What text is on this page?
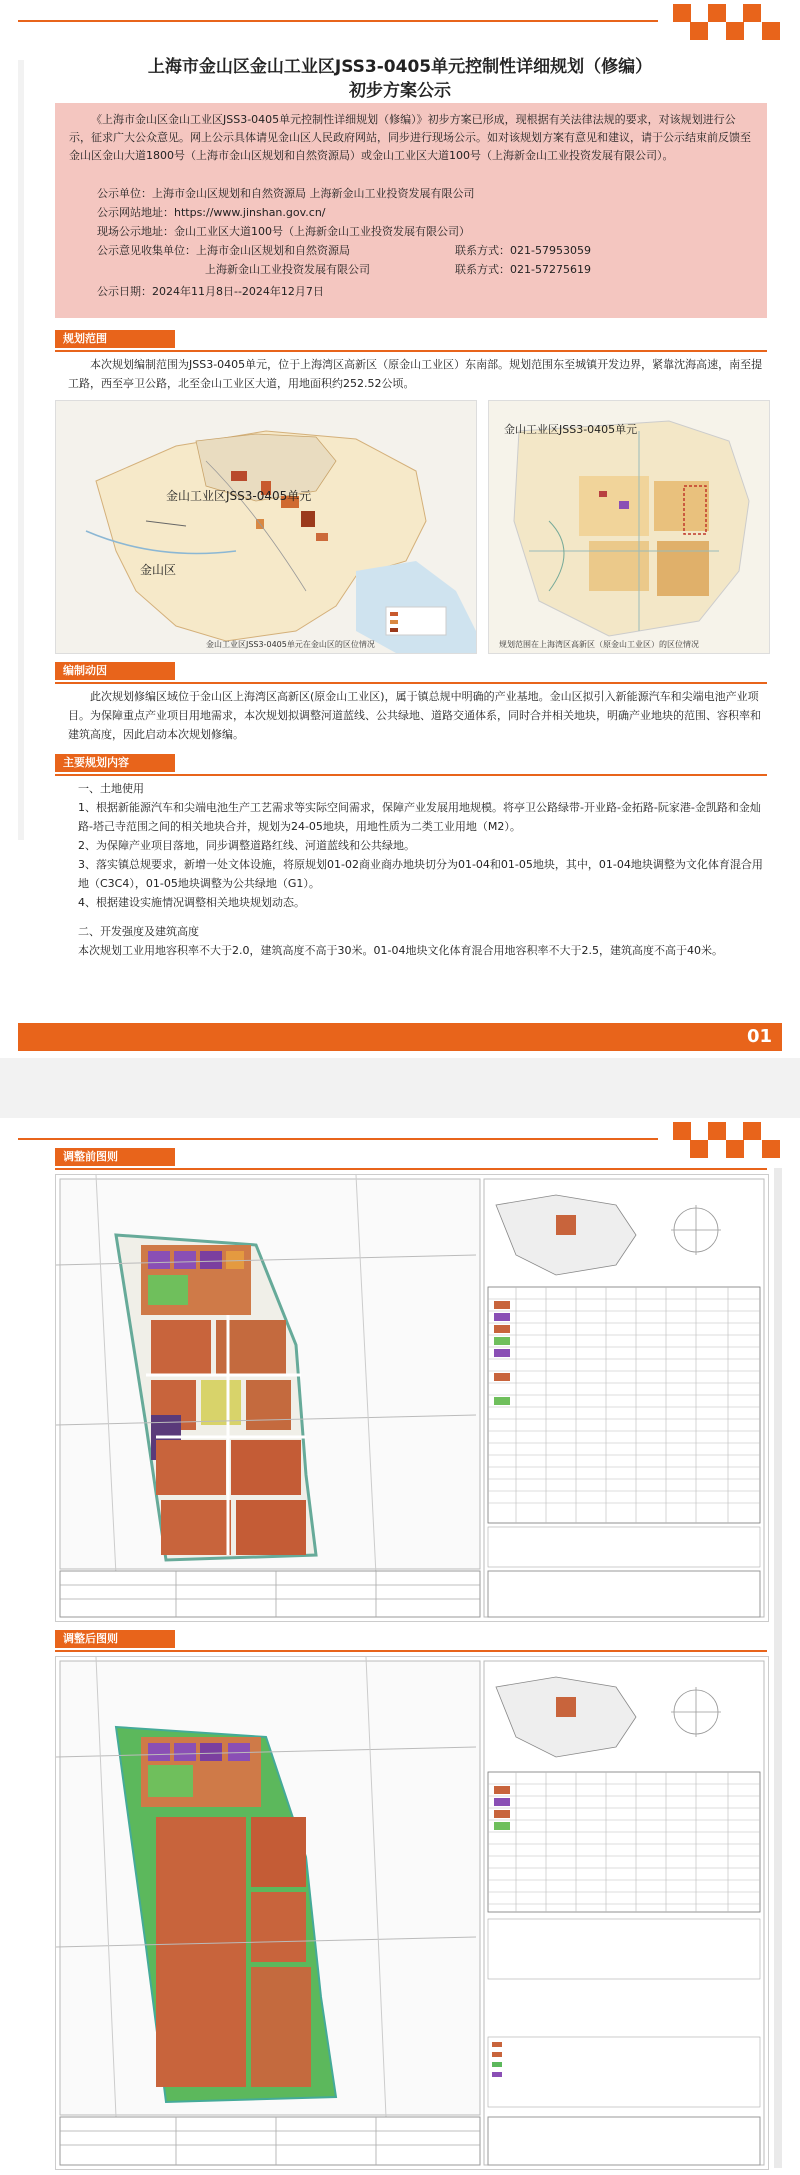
上海市金山区金山工业区JSS3-0405单元控制性详细规划（修编）
初步方案公示

《上海市金山区金山工业区JSS3-0405单元控制性详细规划（修编）》初步方案已形成，现根据有关法律法规的要求，对该规划进行公示，征求广大公众意见。网上公示具体请见金山区人民政府网站，同步进行现场公示。如对该规划方案有意见和建议，请于公示结束前反馈至金山区金山大道1800号（上海市金山区规划和自然资源局）或金山工业区大道100号（上海新金山工业投资发展有限公司）。

公示单位：上海市金山区规划和自然资源局 上海新金山工业投资发展有限公司

公示网站地址：https://www.jinshan.gov.cn/

现场公示地址：金山工业区大道100号（上海新金山工业投资发展有限公司）

公示意见收集单位：上海市金山区规划和自然资源局	联系方式：021-57953059

上海新金山工业投资发展有限公司	联系方式：021-57275619

公示日期：2024年11月8日--2024年12月7日

规划范围
本次规划编制范围为JSS3-0405单元，位于上海湾区高新区（原金山工业区）东南部。规划范围东至城镇开发边界，紧靠沈海高速，南至提工路，西至亭卫公路，北至金山工业区大道，用地面积约252.52公顷。
金山工业区JSS3-0405单元
金山区
金山工业区JSS3-0405单元在金山区的区位情况
金山工业区JSS3-0405单元
规划范围在上海湾区高新区（原金山工业区）的区位情况
编制动因
此次规划修编区域位于金山区上海湾区高新区(原金山工业区)，属于镇总规中明确的产业基地。金山区拟引入新能源汽车和尖端电池产业项目。为保障重点产业项目用地需求，本次规划拟调整河道蓝线、公共绿地、道路交通体系，同时合并相关地块，明确产业地块的范围、容积率和建筑高度，因此启动本次规划修编。
主要规划内容
一、土地使用
1、根据新能源汽车和尖端电池生产工艺需求等实际空间需求，保障产业发展用地规模。将亭卫公路绿带-开业路-金拓路-阮家港-金凯路和金灿路-塔己寺范围之间的相关地块合并，规划为24-05地块，用地性质为二类工业用地（M2）。
2、为保障产业项目落地，同步调整道路红线、河道蓝线和公共绿地。
3、落实镇总规要求，新增一处文体设施，将原规划01-02商业商办地块切分为01-04和01-05地块，其中，01-04地块调整为文化体育混合用地（C3C4），01-05地块调整为公共绿地（G1）。
4、根据建设实施情况调整相关地块规划动态。
二、开发强度及建筑高度
本次规划工业用地容积率不大于2.0，建筑高度不高于30米。01-04地块文化体育混合用地容积率不大于2.5，建筑高度不高于40米。
01
调整前图则
调整后图则
